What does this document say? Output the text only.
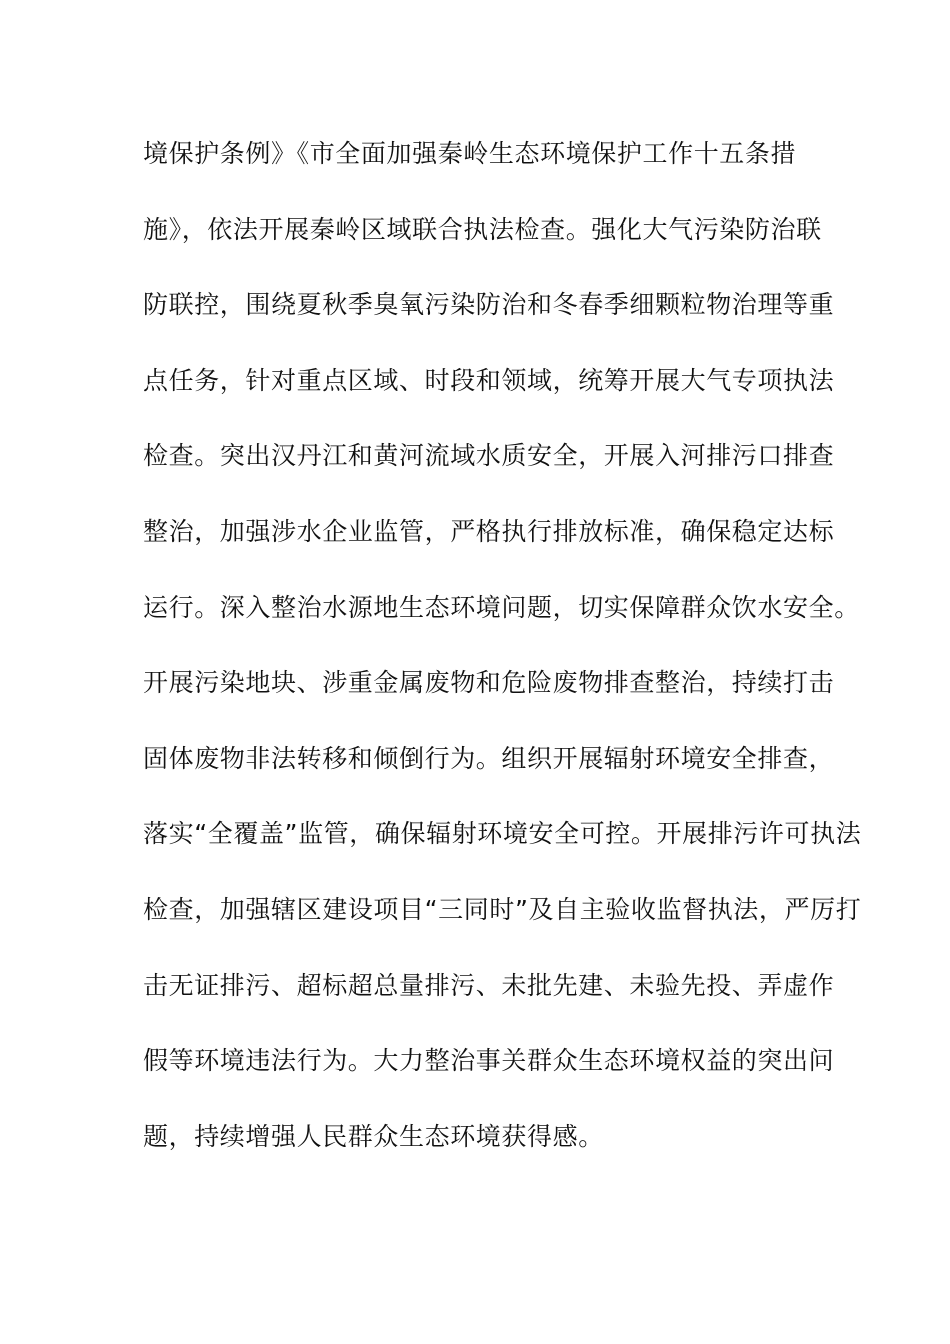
境保护条例》《市全面加强秦岭生态环境保护工作十五条措
施》，依法开展秦岭区域联合执法检查。强化大气污染防治联
防联控，围绕夏秋季臭氧污染防治和冬春季细颗粒物治理等重
点任务，针对重点区域、时段和领域，统筹开展大气专项执法
检查。突出汉丹江和黄河流域水质安全，开展入河排污口排查
整治，加强涉水企业监管，严格执行排放标准，确保稳定达标
运行。深入整治水源地生态环境问题，切实保障群众饮水安全。
开展污染地块、涉重金属废物和危险废物排查整治，持续打击
固体废物非法转移和倾倒行为。组织开展辐射环境安全排查，
落实“全覆盖”监管，确保辐射环境安全可控。开展排污许可执法
检查，加强辖区建设项目“三同时”及自主验收监督执法，严厉打
击无证排污、超标超总量排污、未批先建、未验先投、弄虚作
假等环境违法行为。大力整治事关群众生态环境权益的突出问
题，持续增强人民群众生态环境获得感。
